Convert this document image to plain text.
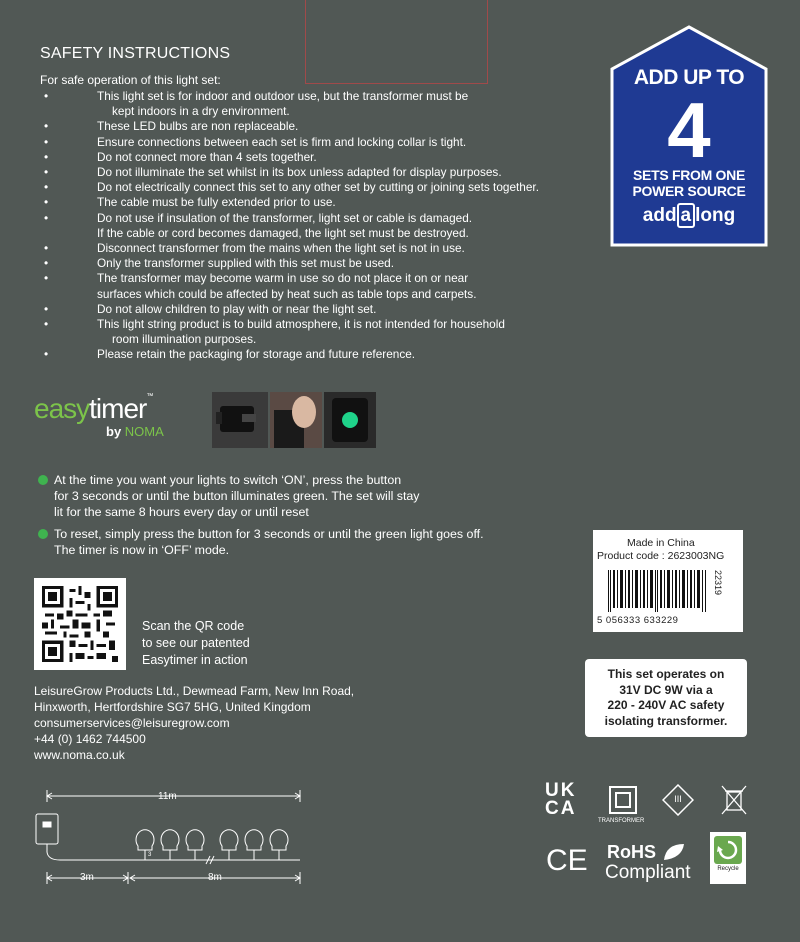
SAFETY INSTRUCTIONS
For safe operation of this light set:
• This light set is for indoor and outdoor use, but the transformer must be
kept indoors in a dry environment.
• These LED bulbs are non replaceable.
• Ensure connections between each set is firm and locking collar is tight.
• Do not connect more than 4 sets together.
• Do not illuminate the set whilst in its box unless adapted for display purposes.
• Do not electrically connect this set to any other set by cutting or joining sets together.
• The cable must be fully extended prior to use.
• Do not use if insulation of the transformer, light set or cable is damaged.
If the cable or cord becomes damaged, the light set must be destroyed.
• Disconnect transformer from the mains when the light set is not in use.
• Only the transformer supplied with this set must be used.
• The transformer may become warm in use so do not place it on or near
surfaces which could be affected by heat such as table tops and carpets.
• Do not allow children to play with or near the light set.
• This light string product is to build atmosphere, it is not intended for household
room illumination purposes.
• Please retain the packaging for storage and future reference.
ADD UP TO
4
SETS FROM ONE
POWER SOURCE
add a long
easytimer™
by NOMA

At the time you want your lights to switch ‘ON’, press the button

for 3 seconds or until the button illuminates green. The set will stay

lit for the same 8 hours every day or until reset

To reset, simply press the button for 3 seconds or until the green light goes off.

The timer is now in ‘OFF’ mode.	Made in China
Product code : 2623003NG
5 056333 633229
22319
Scan the QR code
to see our patented
Easytimer in action
This set operates on
31V DC 9W via a
220 - 240V AC safety
isolating transformer.
LeisureGrow Products Ltd., Dewmead Farm, New Inn Road,
Hinxworth, Hertfordshire SG7 5HG, United Kingdom
consumerservices@leisuregrow.com
+44 (0) 1462 744500
www.noma.co.uk
11m
3m	8m
3
UK
CA
TRANSFORMER
III
CE RoHS
Compliant	Recycle
